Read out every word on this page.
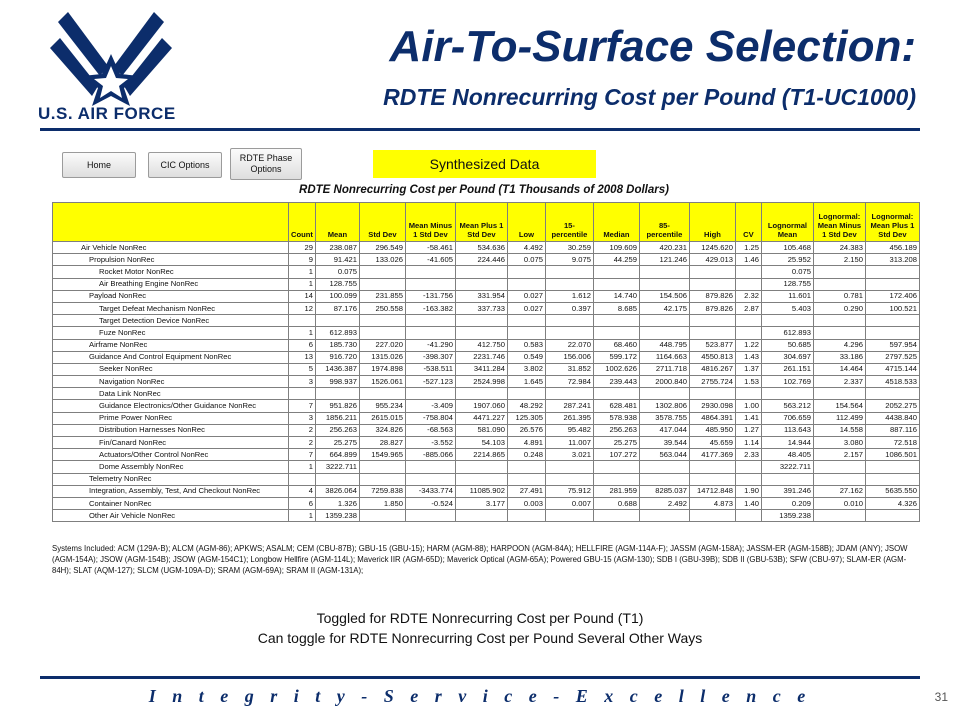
U.S. AIR FORCE
Air-To-Surface Selection:
RDTE Nonrecurring Cost per Pound (T1-UC1000)
Home	CIC Options
RDTE Phase
Options	Synthesized Data
RDTE Nonrecurring Cost per Pound (T1 Thousands of 2008 Dollars)
	Count	Mean	Std Dev	Mean Minus 1 Std Dev	Mean Plus 1 Std Dev	Low	15-percentile	Median	85-percentile	High	CV	Lognormal Mean	Lognormal: Mean Minus 1 Std Dev	Lognormal: Mean Plus 1 Std Dev
Air Vehicle NonRec	29	238.087	296.549	-58.461	534.636	4.492	30.259	109.609	420.231	1245.620	1.25	105.468	24.383	456.189
Propulsion NonRec	9	91.421	133.026	-41.605	224.446	0.075	9.075	44.259	121.246	429.013	1.46	25.952	2.150	313.208
Rocket Motor NonRec	1	0.075										0.075		
Air Breathing Engine NonRec	1	128.755										128.755		
Payload NonRec	14	100.099	231.855	-131.756	331.954	0.027	1.612	14.740	154.506	879.826	2.32	11.601	0.781	172.406
Target Defeat Mechanism NonRec	12	87.176	250.558	-163.382	337.733	0.027	0.397	8.685	42.175	879.826	2.87	5.403	0.290	100.521
Target Detection Device NonRec														
Fuze NonRec	1	612.893										612.893		
Airframe NonRec	6	185.730	227.020	-41.290	412.750	0.583	22.070	68.460	448.795	523.877	1.22	50.685	4.296	597.954
Guidance And Control Equipment NonRec	13	916.720	1315.026	-398.307	2231.746	0.549	156.006	599.172	1164.663	4550.813	1.43	304.697	33.186	2797.525
Seeker NonRec	5	1436.387	1974.898	-538.511	3411.284	3.802	31.852	1002.626	2711.718	4816.267	1.37	261.151	14.464	4715.144
Navigation NonRec	3	998.937	1526.061	-527.123	2524.998	1.645	72.984	239.443	2000.840	2755.724	1.53	102.769	2.337	4518.533
Data Link NonRec														
Guidance Electronics/Other Guidance NonRec	7	951.826	955.234	-3.409	1907.060	48.292	287.241	628.481	1302.806	2930.098	1.00	563.212	154.564	2052.275
Prime Power NonRec	3	1856.211	2615.015	-758.804	4471.227	125.305	261.395	578.938	3578.755	4864.391	1.41	706.659	112.499	4438.840
Distribution Harnesses NonRec	2	256.263	324.826	-68.563	581.090	26.576	95.482	256.263	417.044	485.950	1.27	113.643	14.558	887.116
Fin/Canard NonRec	2	25.275	28.827	-3.552	54.103	4.891	11.007	25.275	39.544	45.659	1.14	14.944	3.080	72.518
Actuators/Other Control NonRec	7	664.899	1549.965	-885.066	2214.865	0.248	3.021	107.272	563.044	4177.369	2.33	48.405	2.157	1086.501
Dome Assembly NonRec	1	3222.711										3222.711		
Telemetry NonRec														
Integration, Assembly, Test, And Checkout NonRec	4	3826.064	7259.838	-3433.774	11085.902	27.491	75.912	281.959	8285.037	14712.848	1.90	391.246	27.162	5635.550
Container NonRec	6	1.326	1.850	-0.524	3.177	0.003	0.007	0.688	2.492	4.873	1.40	0.209	0.010	4.326
Other Air Vehicle NonRec	1	1359.238										1359.238		
Systems Included: ACM (129A-B); ALCM (AGM-86); APKWS; ASALM; CEM (CBU-87B); GBU-15 (GBU-15); HARM (AGM-88); HARPOON (AGM-84A); HELLFIRE (AGM-114A-F); JASSM (AGM-158A); JASSM-ER (AGM-158B); JDAM (ANY); JSOW (AGM-154A); JSOW (AGM-154B); JSOW (AGM-154C1); Longbow Hellfire (AGM-114L); Maverick IIR (AGM-65D); Maverick Optical (AGM-65A); Powered GBU-15 (AGM-130); SDB I (GBU-39B); SDB II (GBU-53B); SFW (CBU-97); SLAM-ER (AGM-84H); SLAT (AQM-127); SLCM (UGM-109A-D); SRAM (AGM-69A); SRAM II (AGM-131A);
Toggled for RDTE Nonrecurring Cost per Pound (T1)
Can toggle for RDTE Nonrecurring Cost per Pound Several Other Ways
I n t e g r i t y - S e r v i c e - E x c e l l e n c e	31
